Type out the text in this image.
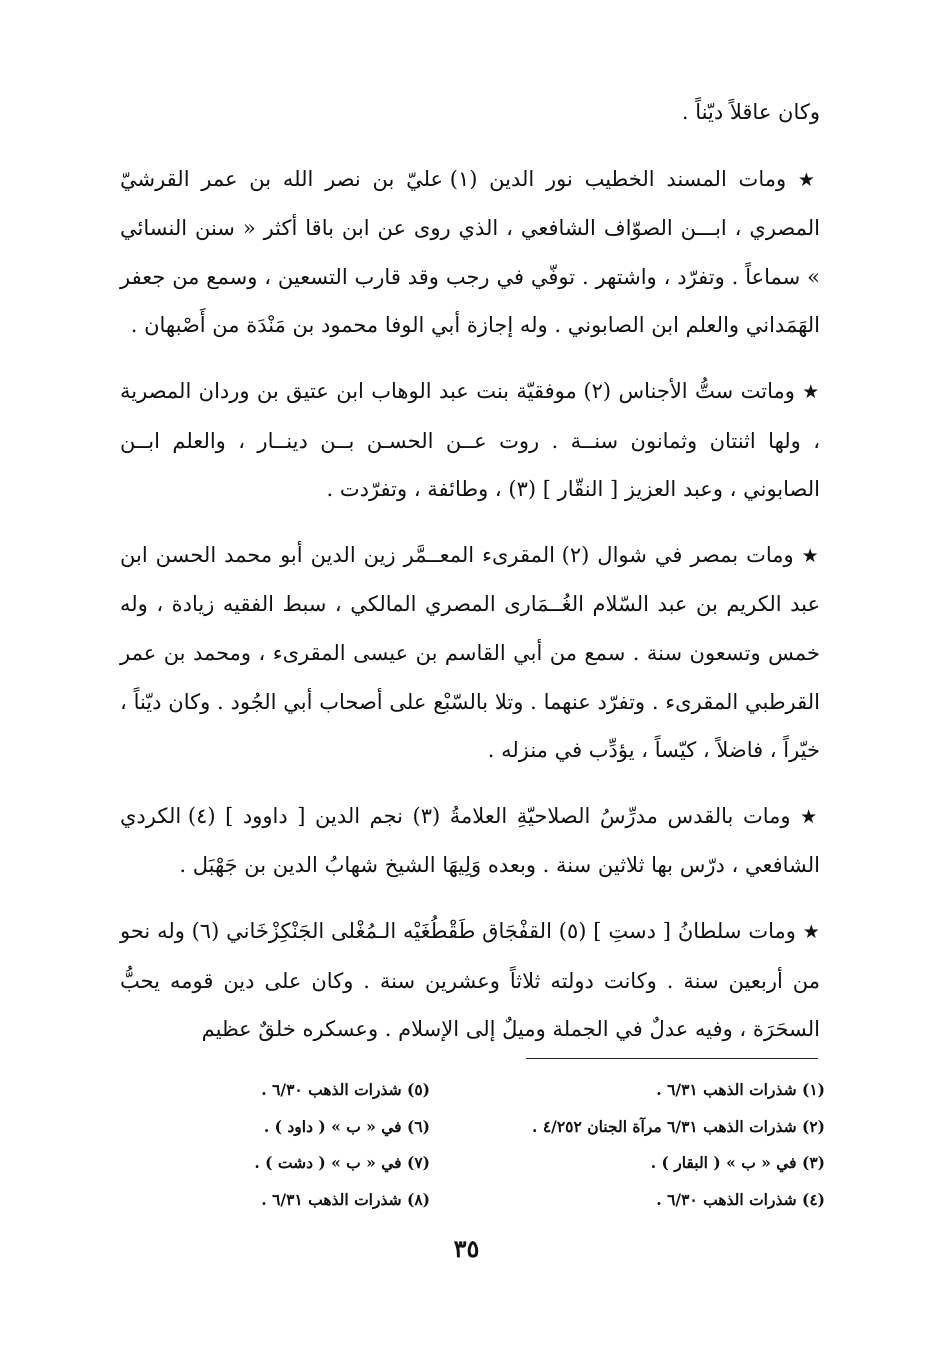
وكان عاقلاً ديّناً .

★ ومات المسند الخطيب نور الدين (١) عليّ بن نصر الله بن عمر القرشيّ المصري ، ابـــن الصوّاف الشافعي ، الذي روى عن ابن باقا أكثر « سنن النسائي » سماعاً . وتفرّد ، واشتهر . توفّي في رجب وقد قارب التسعين ، وسمع من جعفر الهَمَداني والعلم ابن الصابوني . وله إجازة أبي الوفا محمود بن مَنْدَة من أَصْبهان .

★ وماتت ستُّ الأجناس (٢) موفقيّة بنت عبد الوهاب ابن عتيق بن وردان المصرية ، ولها اثنتان وثمانون سنــة . روت عــن الحسـن بــن دينــار ، والعلم ابــن الصابوني ، وعبد العزيز [ النقّار ] (٣) ، وطائفة ، وتفرّدت .

★ ومات بمصر في شوال (٢) المقرىء المعــمَّر زين الدين أبو محمد الحسن ابن عبد الكريم بن عبد السّلام الغُــمَارى المصري المالكي ، سبط الفقيه زيادة ، وله خمس وتسعون سنة . سمع من أبي القاسم بن عيسى المقرىء ، ومحمد بن عمر القرطبي المقرىء . وتفرّد عنهما . وتلا بالسّبْع على أصحاب أبي الجُود . وكان ديّناً ، خيّراً ، فاضلاً ، كيّساً ، يؤدِّب في منزله .

★ ومات بالقدس مدرِّسُ الصلاحيّةِ العلامةُ (٣) نجم الدين [ داوود ] (٤) الكردي الشافعي ، درّس بها ثلاثين سنة . وبعده وَلِيهَا الشيخ شهابُ الدين بن جَهْبَل .

★ ومات سلطانُ [ دستِ ] (٥) القفْجَاق طَقْطُغَيْه الـمُغْلى الجَنْكِزْخَاني (٦) وله نحو من أربعين سنة . وكانت دولته ثلاثاً وعشرين سنة . وكان على دين قومه يحبُّ السحَرَة ، وفيه عدلٌ في الجملة وميلٌ إلى الإسلام . وعسكره خلقٌ عظيم

(١) شذرات الذهب ٦/٣١ .
(٢) شذرات الذهب ٦/٣١ مرآة الجنان ٤/٢٥٢ .
(٣) في « ب » ( البقار ) .
(٤) شذرات الذهب ٦/٣٠ .
(٥) شذرات الذهب ٦/٣٠ .
(٦) في « ب » ( داود ) .
(٧) في « ب » ( دشت ) .
(٨) شذرات الذهب ٦/٣١ .
٣٥
